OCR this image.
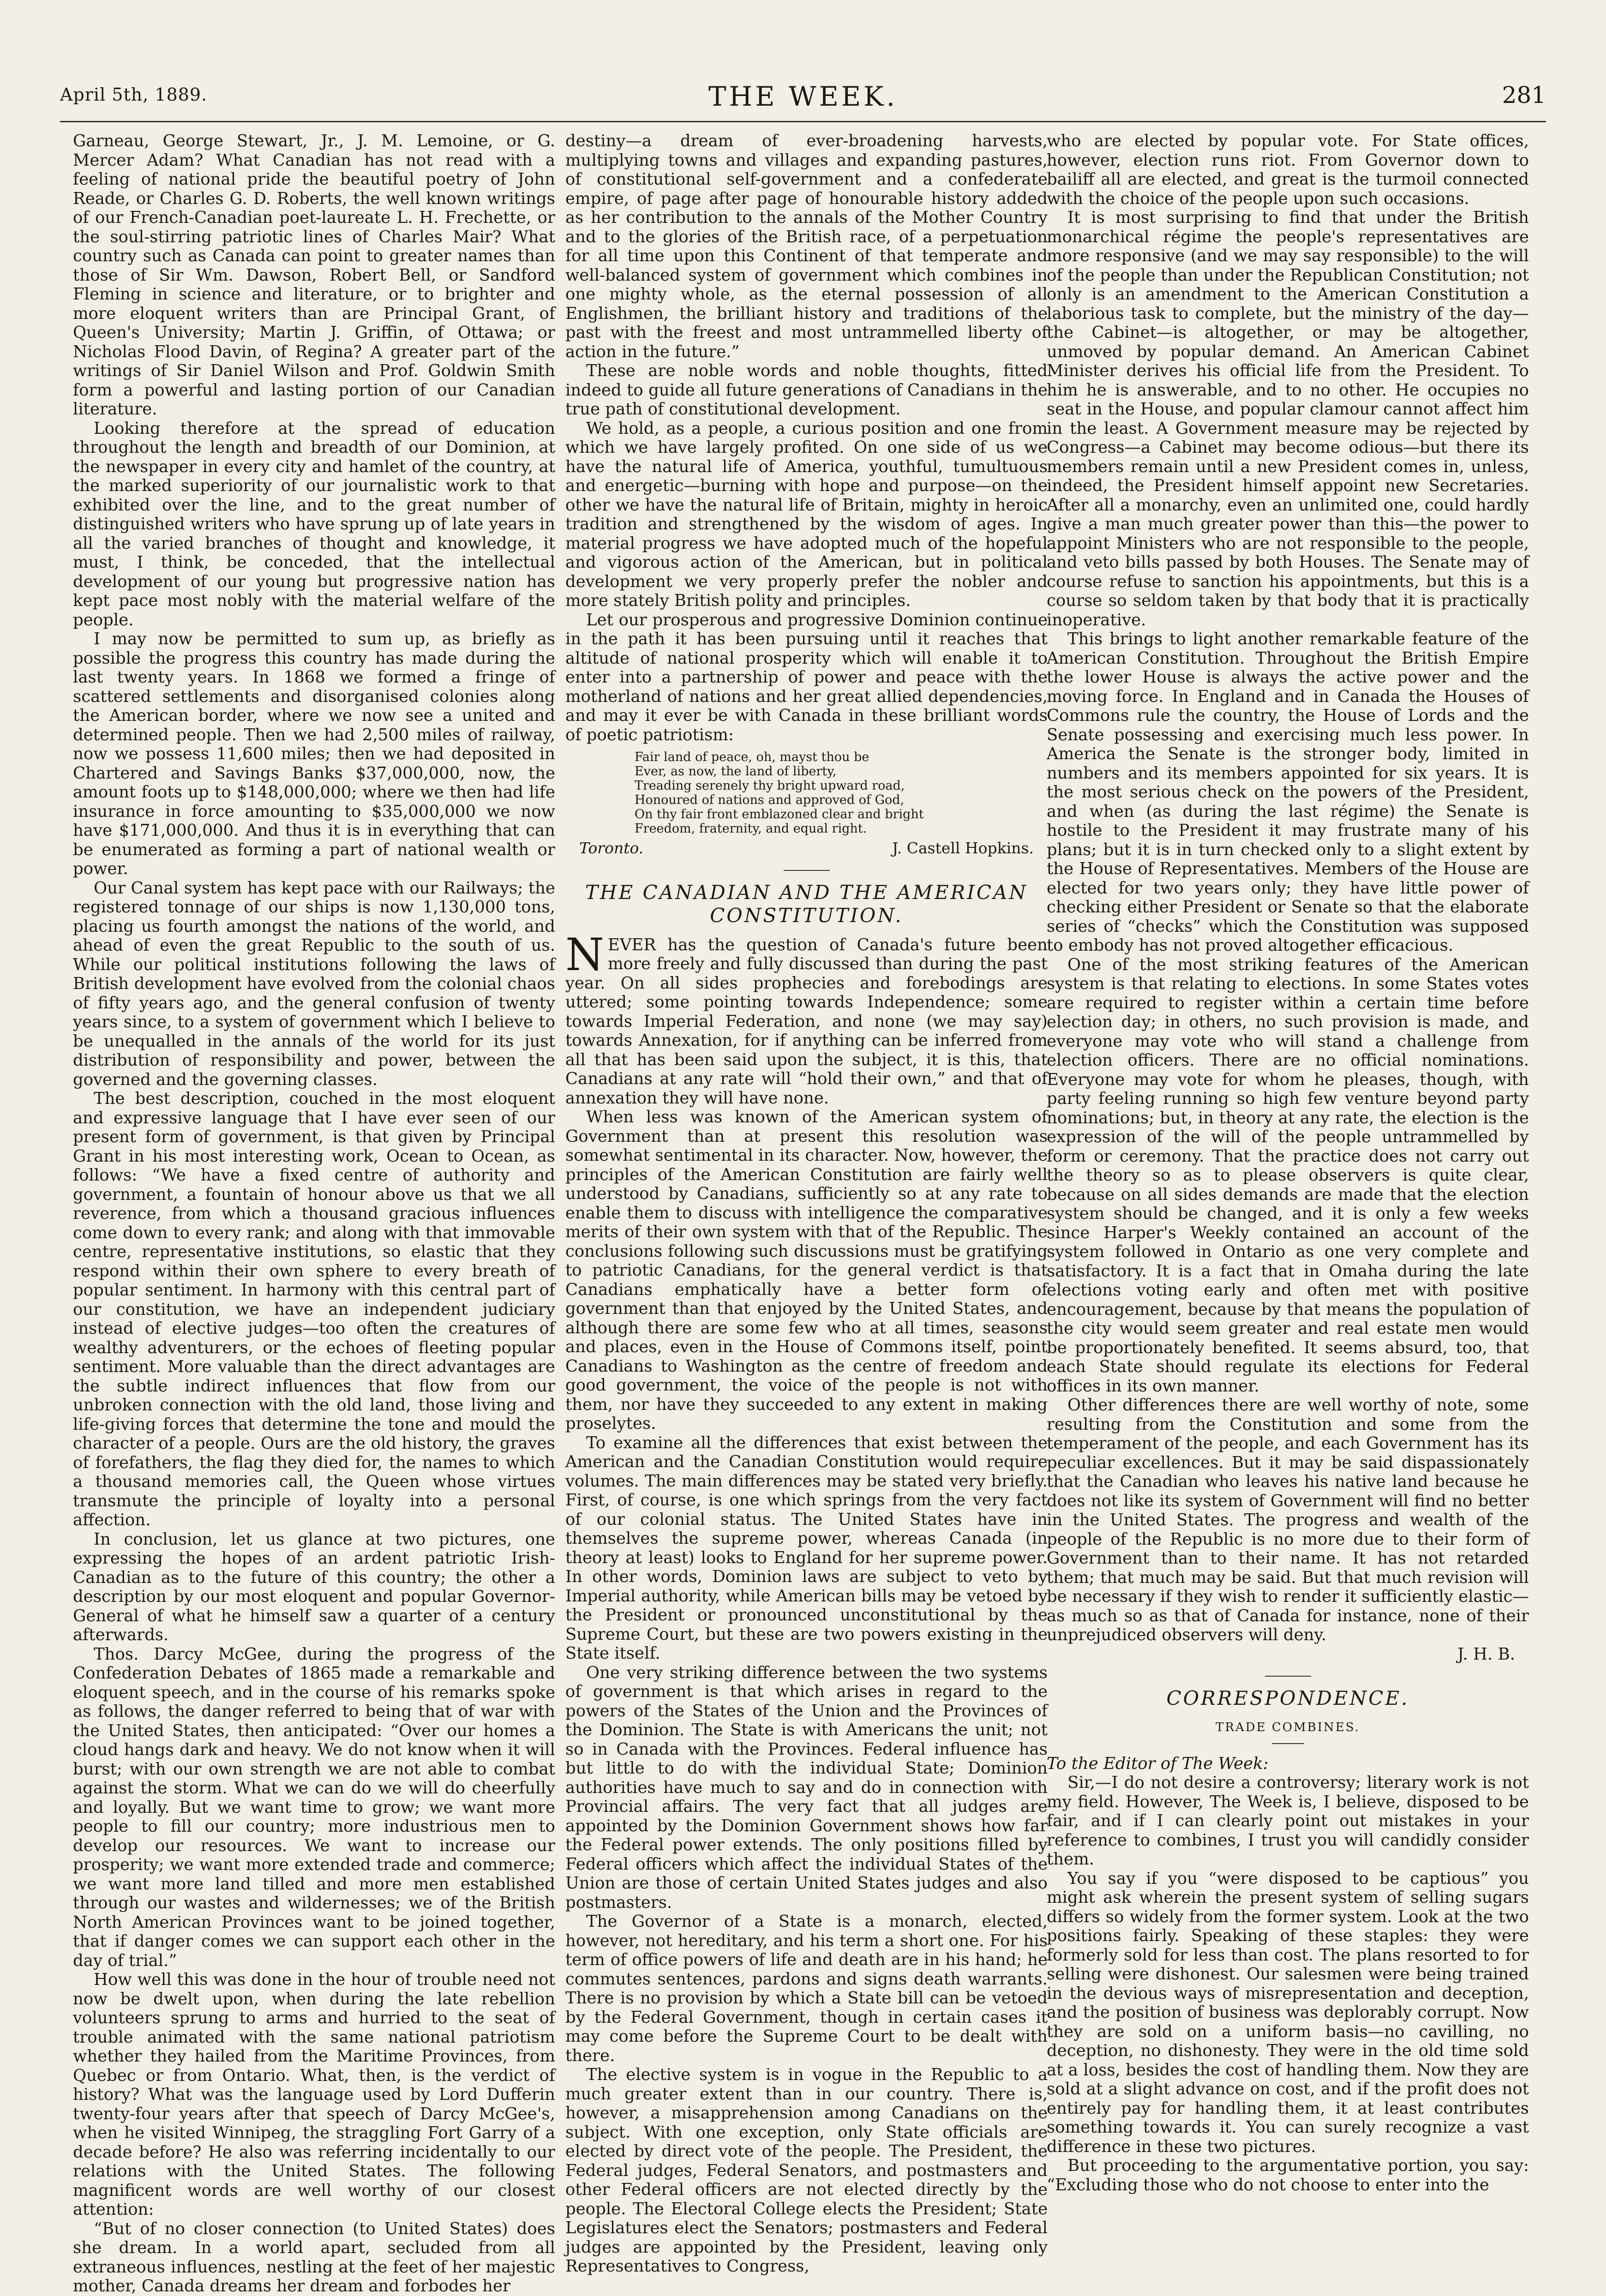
April 5th, 1889.	THE WEEK.	281

Garneau, George Stewart, Jr., J. M. Lemoine, or G. Mercer Adam? What Canadian has not read with a feeling of national pride the beautiful poetry of John Reade, or Charles G. D. Roberts, the well known writings of our French-Canadian poet-laureate L. H. Frechette, or the soul-stirring patriotic lines of Charles Mair? What country such as Canada can point to greater names than those of Sir Wm. Dawson, Robert Bell, or Sandford Fleming in science and literature, or to brighter and more eloquent writers than are Principal Grant, of Queen's University; Martin J. Griffin, of Ottawa; or Nicholas Flood Davin, of Regina? A greater part of the writings of Sir Daniel Wilson and Prof. Goldwin Smith form a powerful and lasting portion of our Canadian literature.

Looking therefore at the spread of education throughout the length and breadth of our Dominion, at the newspaper in every city and hamlet of the country, at the marked superiority of our journalistic work to that exhibited over the line, and to the great number of distinguished writers who have sprung up of late years in all the varied branches of thought and knowledge, it must, I think, be conceded, that the intellectual development of our young but progressive nation has kept pace most nobly with the material welfare of the people.

I may now be permitted to sum up, as briefly as possible the progress this country has made during the last twenty years. In 1868 we formed a fringe of scattered settlements and disorganised colonies along the American border, where we now see a united and determined people. Then we had 2,500 miles of railway, now we possess 11,600 miles; then we had deposited in Chartered and Savings Banks $37,000,000, now, the amount foots up to $148,000,000; where we then had life insurance in force amounting to $35,000,000 we now have $171,000,000. And thus it is in everything that can be enumerated as forming a part of national wealth or power.

Our Canal system has kept pace with our Railways; the registered tonnage of our ships is now 1,130,000 tons, placing us fourth amongst the nations of the world, and ahead of even the great Republic to the south of us. While our political institutions following the laws of British development have evolved from the colonial chaos of fifty years ago, and the general confusion of twenty years since, to a system of government which I believe to be unequalled in the annals of the world for its just distribution of responsibility and power, between the governed and the governing classes.

The best description, couched in the most eloquent and expressive language that I have ever seen of our present form of government, is that given by Principal Grant in his most interesting work, Ocean to Ocean, as follows: “We have a fixed centre of authority and government, a fountain of honour above us that we all reverence, from which a thousand gracious influences come down to every rank; and along with that immovable centre, representative institutions, so elastic that they respond within their own sphere to every breath of popular sentiment. In harmony with this central part of our constitution, we have an independent judiciary instead of elective judges—too often the creatures of wealthy adventurers, or the echoes of fleeting popular sentiment. More valuable than the direct advantages are the subtle indirect influences that flow from our unbroken connection with the old land, those living and life-giving forces that determine the tone and mould the character of a people. Ours are the old history, the graves of forefathers, the flag they died for, the names to which a thousand memories call, the Queen whose virtues transmute the principle of loyalty into a personal affection.

In conclusion, let us glance at two pictures, one expressing the hopes of an ardent patriotic Irish-Canadian as to the future of this country; the other a description by our most eloquent and popular Governor-General of what he himself saw a quarter of a century afterwards.

Thos. Darcy McGee, during the progress of the Confederation Debates of 1865 made a remarkable and eloquent speech, and in the course of his remarks spoke as follows, the danger referred to being that of war with the United States, then anticipated: “Over our homes a cloud hangs dark and heavy. We do not know when it will burst; with our own strength we are not able to combat against the storm. What we can do we will do cheerfully and loyally. But we want time to grow; we want more people to fill our country; more industrious men to develop our resources. We want to increase our prosperity; we want more extended trade and commerce; we want more land tilled and more men established through our wastes and wildernesses; we of the British North American Provinces want to be joined together, that if danger comes we can support each other in the day of trial.”

How well this was done in the hour of trouble need not now be dwelt upon, when during the late rebellion volunteers sprung to arms and hurried to the seat of trouble animated with the same national patriotism whether they hailed from the Maritime Provinces, from Quebec or from Ontario. What, then, is the verdict of history? What was the language used by Lord Dufferin twenty-four years after that speech of Darcy McGee's, when he visited Winnipeg, the straggling Fort Garry of a decade before? He also was referring incidentally to our relations with the United States. The following magnificent words are well worthy of our closest attention:

“But of no closer connection (to United States) does she dream. In a world apart, secluded from all extraneous influences, nestling at the feet of her majestic mother, Canada dreams her dream and forbodes her

destiny—a dream of ever-broadening harvests, multiplying towns and villages and expanding pastures, of constitutional self-government and a confederate empire, of page after page of honourable history added as her contribution to the annals of the Mother Country and to the glories of the British race, of a perpetuation for all time upon this Continent of that temperate and well-balanced system of government which combines in one mighty whole, as the eternal possession of all Englishmen, the brilliant history and traditions of the past with the freest and most untrammelled liberty of action in the future.”

These are noble words and noble thoughts, fitted indeed to guide all future generations of Canadians in the true path of constitutional development.

We hold, as a people, a curious position and one from which we have largely profited. On one side of us we have the natural life of America, youthful, tumultuous and energetic—burning with hope and purpose—on the other we have the natural life of Britain, mighty in heroic tradition and strengthened by the wisdom of ages. In material progress we have adopted much of the hopeful and vigorous action of the American, but in political development we very properly prefer the nobler and more stately British polity and principles.

Let our prosperous and progressive Dominion continue in the path it has been pursuing until it reaches that altitude of national prosperity which will enable it to enter into a partnership of power and peace with the motherland of nations and her great allied dependencies, and may it ever be with Canada in these brilliant words of poetic patriotism:

Fair land of peace, oh, mayst thou be
Ever, as now, the land of liberty,
Treading serenely thy bright upward road,
Honoured of nations and approved of God,
On thy fair front emblazoned clear and bright
Freedom, fraternity, and equal right.
Toronto.	J. Castell Hopkins.
THE CANADIAN AND THE AMERICAN CONSTITUTION.

NEVER has the question of Canada's future been more freely and fully discussed than during the past year. On all sides prophecies and forebodings are uttered; some pointing towards Independence; some towards Imperial Federation, and none (we may say) towards Annexation, for if anything can be inferred from all that has been said upon the subject, it is this, that Canadians at any rate will “hold their own,” and that of annexation they will have none.

When less was known of the American system of Government than at present this resolution was somewhat sentimental in its character. Now, however, the principles of the American Constitution are fairly well understood by Canadians, sufficiently so at any rate to enable them to discuss with intelligence the comparative merits of their own system with that of the Republic. The conclusions following such discussions must be gratifying to patriotic Canadians, for the general verdict is that Canadians emphatically have a better form of government than that enjoyed by the United States, and although there are some few who at all times, seasons and places, even in the House of Commons itself, point Canadians to Washington as the centre of freedom and good government, the voice of the people is not with them, nor have they succeeded to any extent in making proselytes.

To examine all the differences that exist between the American and the Canadian Constitution would require volumes. The main differences may be stated very briefly. First, of course, is one which springs from the very fact of our colonial status. The United States have in themselves the supreme power, whereas Canada (in theory at least) looks to England for her supreme power. In other words, Dominion laws are subject to veto by Imperial authority, while American bills may be vetoed by the President or pronounced unconstitutional by the Supreme Court, but these are two powers existing in the State itself.

One very striking difference between the two systems of government is that which arises in regard to the powers of the States of the Union and the Provinces of the Dominion. The State is with Americans the unit; not so in Canada with the Provinces. Federal influence has but little to do with the individual State; Dominion authorities have much to say and do in connection with Provincial affairs. The very fact that all judges are appointed by the Dominion Government shows how far the Federal power extends. The only positions filled by Federal officers which affect the individual States of the Union are those of certain United States judges and also postmasters.

The Governor of a State is a monarch, elected, however, not hereditary, and his term a short one. For his term of office powers of life and death are in his hand; he commutes sentences, pardons and signs death warrants. There is no provision by which a State bill can be vetoed by the Federal Government, though in certain cases it may come before the Supreme Court to be dealt with there.

The elective system is in vogue in the Republic to a much greater extent than in our country. There is, however, a misapprehension among Canadians on the subject. With one exception, only State officials are elected by direct vote of the people. The President, the Federal judges, Federal Senators, and postmasters and other Federal officers are not elected directly by the people. The Electoral College elects the President; State Legislatures elect the Senators; postmasters and Federal judges are appointed by the President, leaving only Representatives to Congress,

who are elected by popular vote. For State offices, however, election runs riot. From Governor down to bailiff all are elected, and great is the turmoil connected with the choice of the people upon such occasions.

It is most surprising to find that under the British monarchical régime the people's representatives are more responsive (and we may say responsible) to the will of the people than under the Republican Constitution; not only is an amendment to the American Constitution a laborious task to complete, but the ministry of the day—the Cabinet—is altogether, or may be altogether, unmoved by popular demand. An American Cabinet Minister derives his official life from the President. To him he is answerable, and to no other. He occupies no seat in the House, and popular clamour cannot affect him in the least. A Government measure may be rejected by Congress—a Cabinet may become odious—but there its members remain until a new President comes in, unless, indeed, the President himself appoint new Secretaries. After all a monarchy, even an unlimited one, could hardly give a man much greater power than this—the power to appoint Ministers who are not responsible to the people, and veto bills passed by both Houses. The Senate may of course refuse to sanction his appointments, but this is a course so seldom taken by that body that it is practically inoperative.

This brings to light another remarkable feature of the American Constitution. Throughout the British Empire the lower House is always the active power and the moving force. In England and in Canada the Houses of Commons rule the country, the House of Lords and the Senate possessing and exercising much less power. In America the Senate is the stronger body, limited in numbers and its members appointed for six years. It is the most serious check on the powers of the President, and when (as during the last régime) the Senate is hostile to the President it may frustrate many of his plans; but it is in turn checked only to a slight extent by the House of Representatives. Members of the House are elected for two years only; they have little power of checking either President or Senate so that the elaborate series of “checks” which the Constitution was supposed to embody has not proved altogether efficacious.

One of the most striking features of the American system is that relating to elections. In some States votes are required to register within a certain time before election day; in others, no such provision is made, and everyone may vote who will stand a challenge from election officers. There are no official nominations. Everyone may vote for whom he pleases, though, with party feeling running so high few venture beyond party nominations; but, in theory at any rate, the election is the expression of the will of the people untrammelled by form or ceremony. That the practice does not carry out the theory so as to please observers is quite clear, because on all sides demands are made that the election system should be changed, and it is only a few weeks since Harper's Weekly contained an account of the system followed in Ontario as one very complete and satisfactory. It is a fact that in Omaha during the late elections voting early and often met with positive encouragement, because by that means the population of the city would seem greater and real estate men would be proportionately benefited. It seems absurd, too, that each State should regulate its elections for Federal offices in its own manner.

Other differences there are well worthy of note, some resulting from the Constitution and some from the temperament of the people, and each Government has its peculiar excellences. But it may be said dispassionately that the Canadian who leaves his native land because he does not like its system of Government will find no better in the United States. The progress and wealth of the people of the Republic is no more due to their form of Government than to their name. It has not retarded them; that much may be said. But that much revision will be necessary if they wish to render it sufficiently elastic—as much so as that of Canada for instance, none of their unprejudiced observers will deny.

J. H. B.
CORRESPONDENCE.
TRADE COMBINES.

To the Editor of The Week:

Sir,—I do not desire a controversy; literary work is not my field. However, The Week is, I believe, disposed to be fair, and if I can clearly point out mistakes in your reference to combines, I trust you will candidly consider them.

You say if you “were disposed to be captious” you might ask wherein the present system of selling sugars differs so widely from the former system. Look at the two positions fairly. Speaking of these staples: they were formerly sold for less than cost. The plans resorted to for selling were dishonest. Our salesmen were being trained in the devious ways of misrepresentation and deception, and the position of business was deplorably corrupt. Now they are sold on a uniform basis—no cavilling, no deception, no dishonesty. They were in the old time sold at a loss, besides the cost of handling them. Now they are sold at a slight advance on cost, and if the profit does not entirely pay for handling them, it at least contributes something towards it. You can surely recognize a vast difference in these two pictures.

But proceeding to the argumentative portion, you say: “Excluding those who do not choose to enter into the
